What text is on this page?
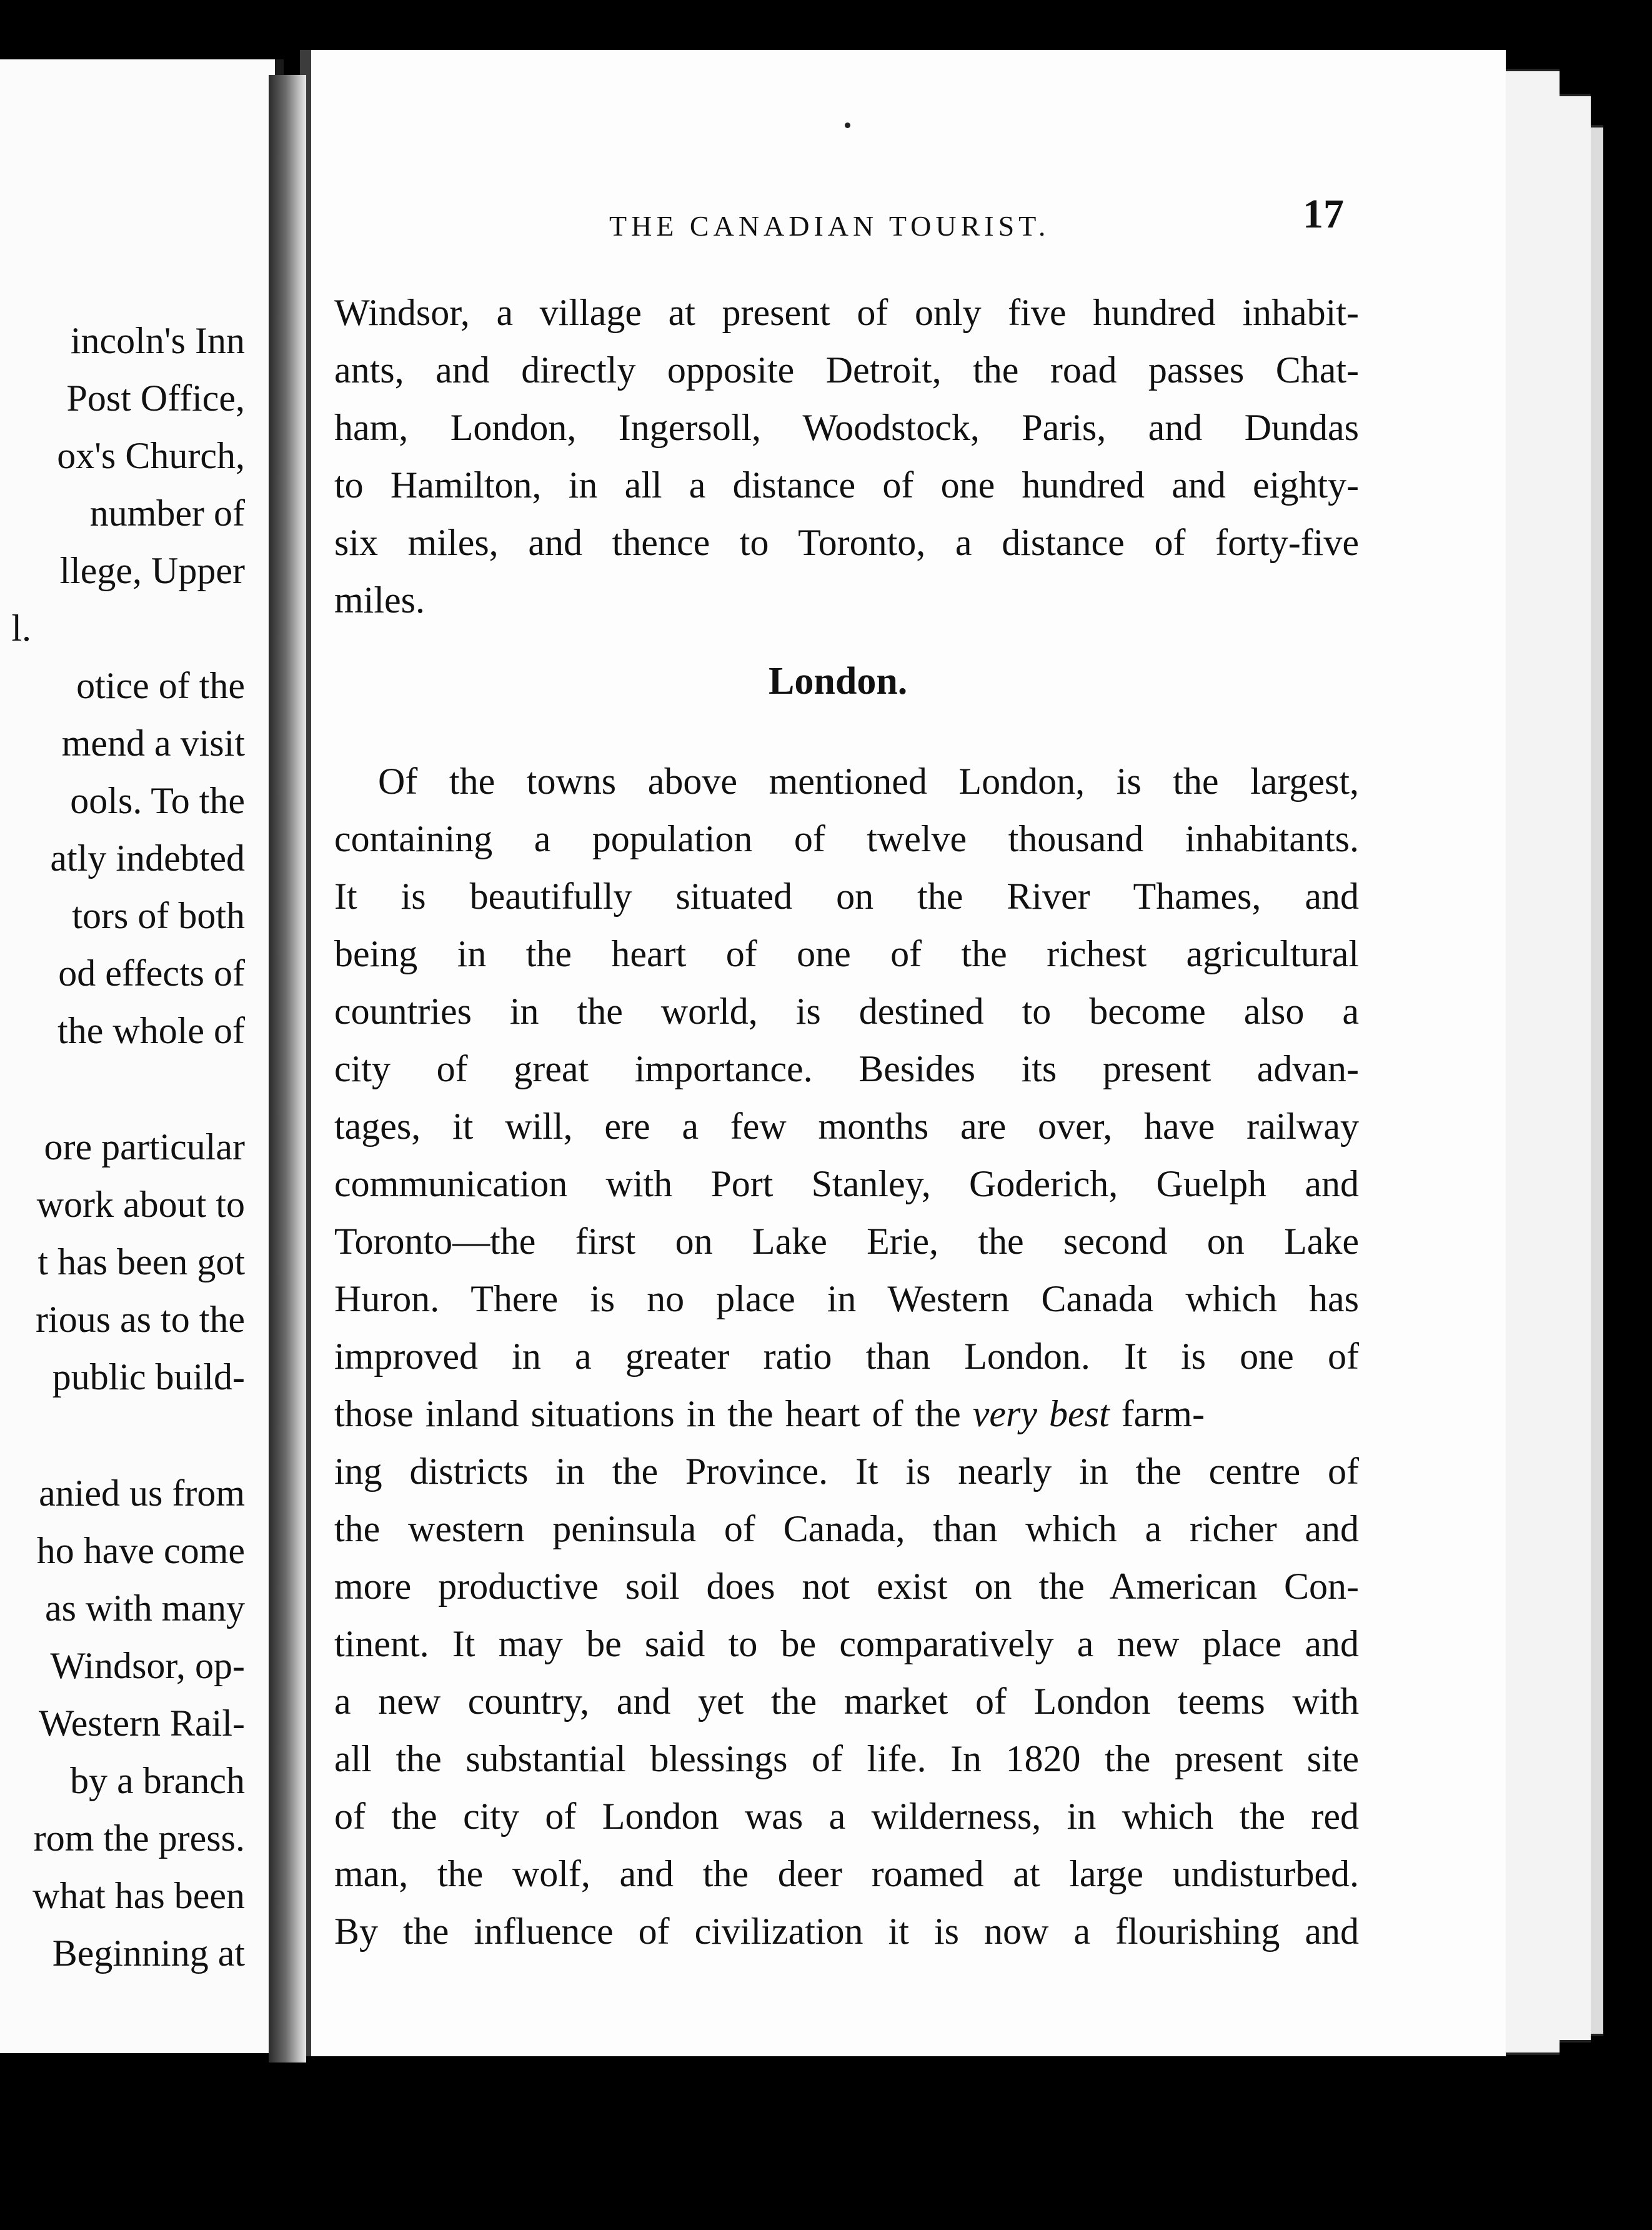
incoln's Inn
Post Office,
ox's Church,
number of
llege, Upper
l.
otice of the
mend a visit
ools. To the
atly indebted
tors of both
od effects of
the whole of
ore particular
work about to
t has been got
rious as to the
public build-
anied us from
ho have come
as with many
Windsor, op-
Western Rail-
by a branch
rom the press.
what has been
Beginning at
THE CANADIAN TOURIST.	17
Windsor, a village at present of only five hundred inhabit-
ants, and directly opposite Detroit, the road passes Chat-
ham, London, Ingersoll, Woodstock, Paris, and Dundas
to Hamilton, in all a distance of one hundred and eighty-
six miles, and thence to Toronto, a distance of forty-five
miles.
London.
Of the towns above mentioned London, is the largest,
containing a population of twelve thousand inhabitants.
It is beautifully situated on the River Thames, and
being in the heart of one of the richest agricultural
countries in the world, is destined to become also a
city of great importance. Besides its present advan-
tages, it will, ere a few months are over, have railway
communication with Port Stanley, Goderich, Guelph and
Toronto—the first on Lake Erie, the second on Lake
Huron. There is no place in Western Canada which has
improved in a greater ratio than London. It is one of
those inland situations in the heart of the very best farm-
ing districts in the Province. It is nearly in the centre of
the western peninsula of Canada, than which a richer and
more productive soil does not exist on the American Con-
tinent. It may be said to be comparatively a new place and
a new country, and yet the market of London teems with
all the substantial blessings of life. In 1820 the present site
of the city of London was a wilderness, in which the red
man, the wolf, and the deer roamed at large undisturbed.
By the influence of civilization it is now a flourishing and
